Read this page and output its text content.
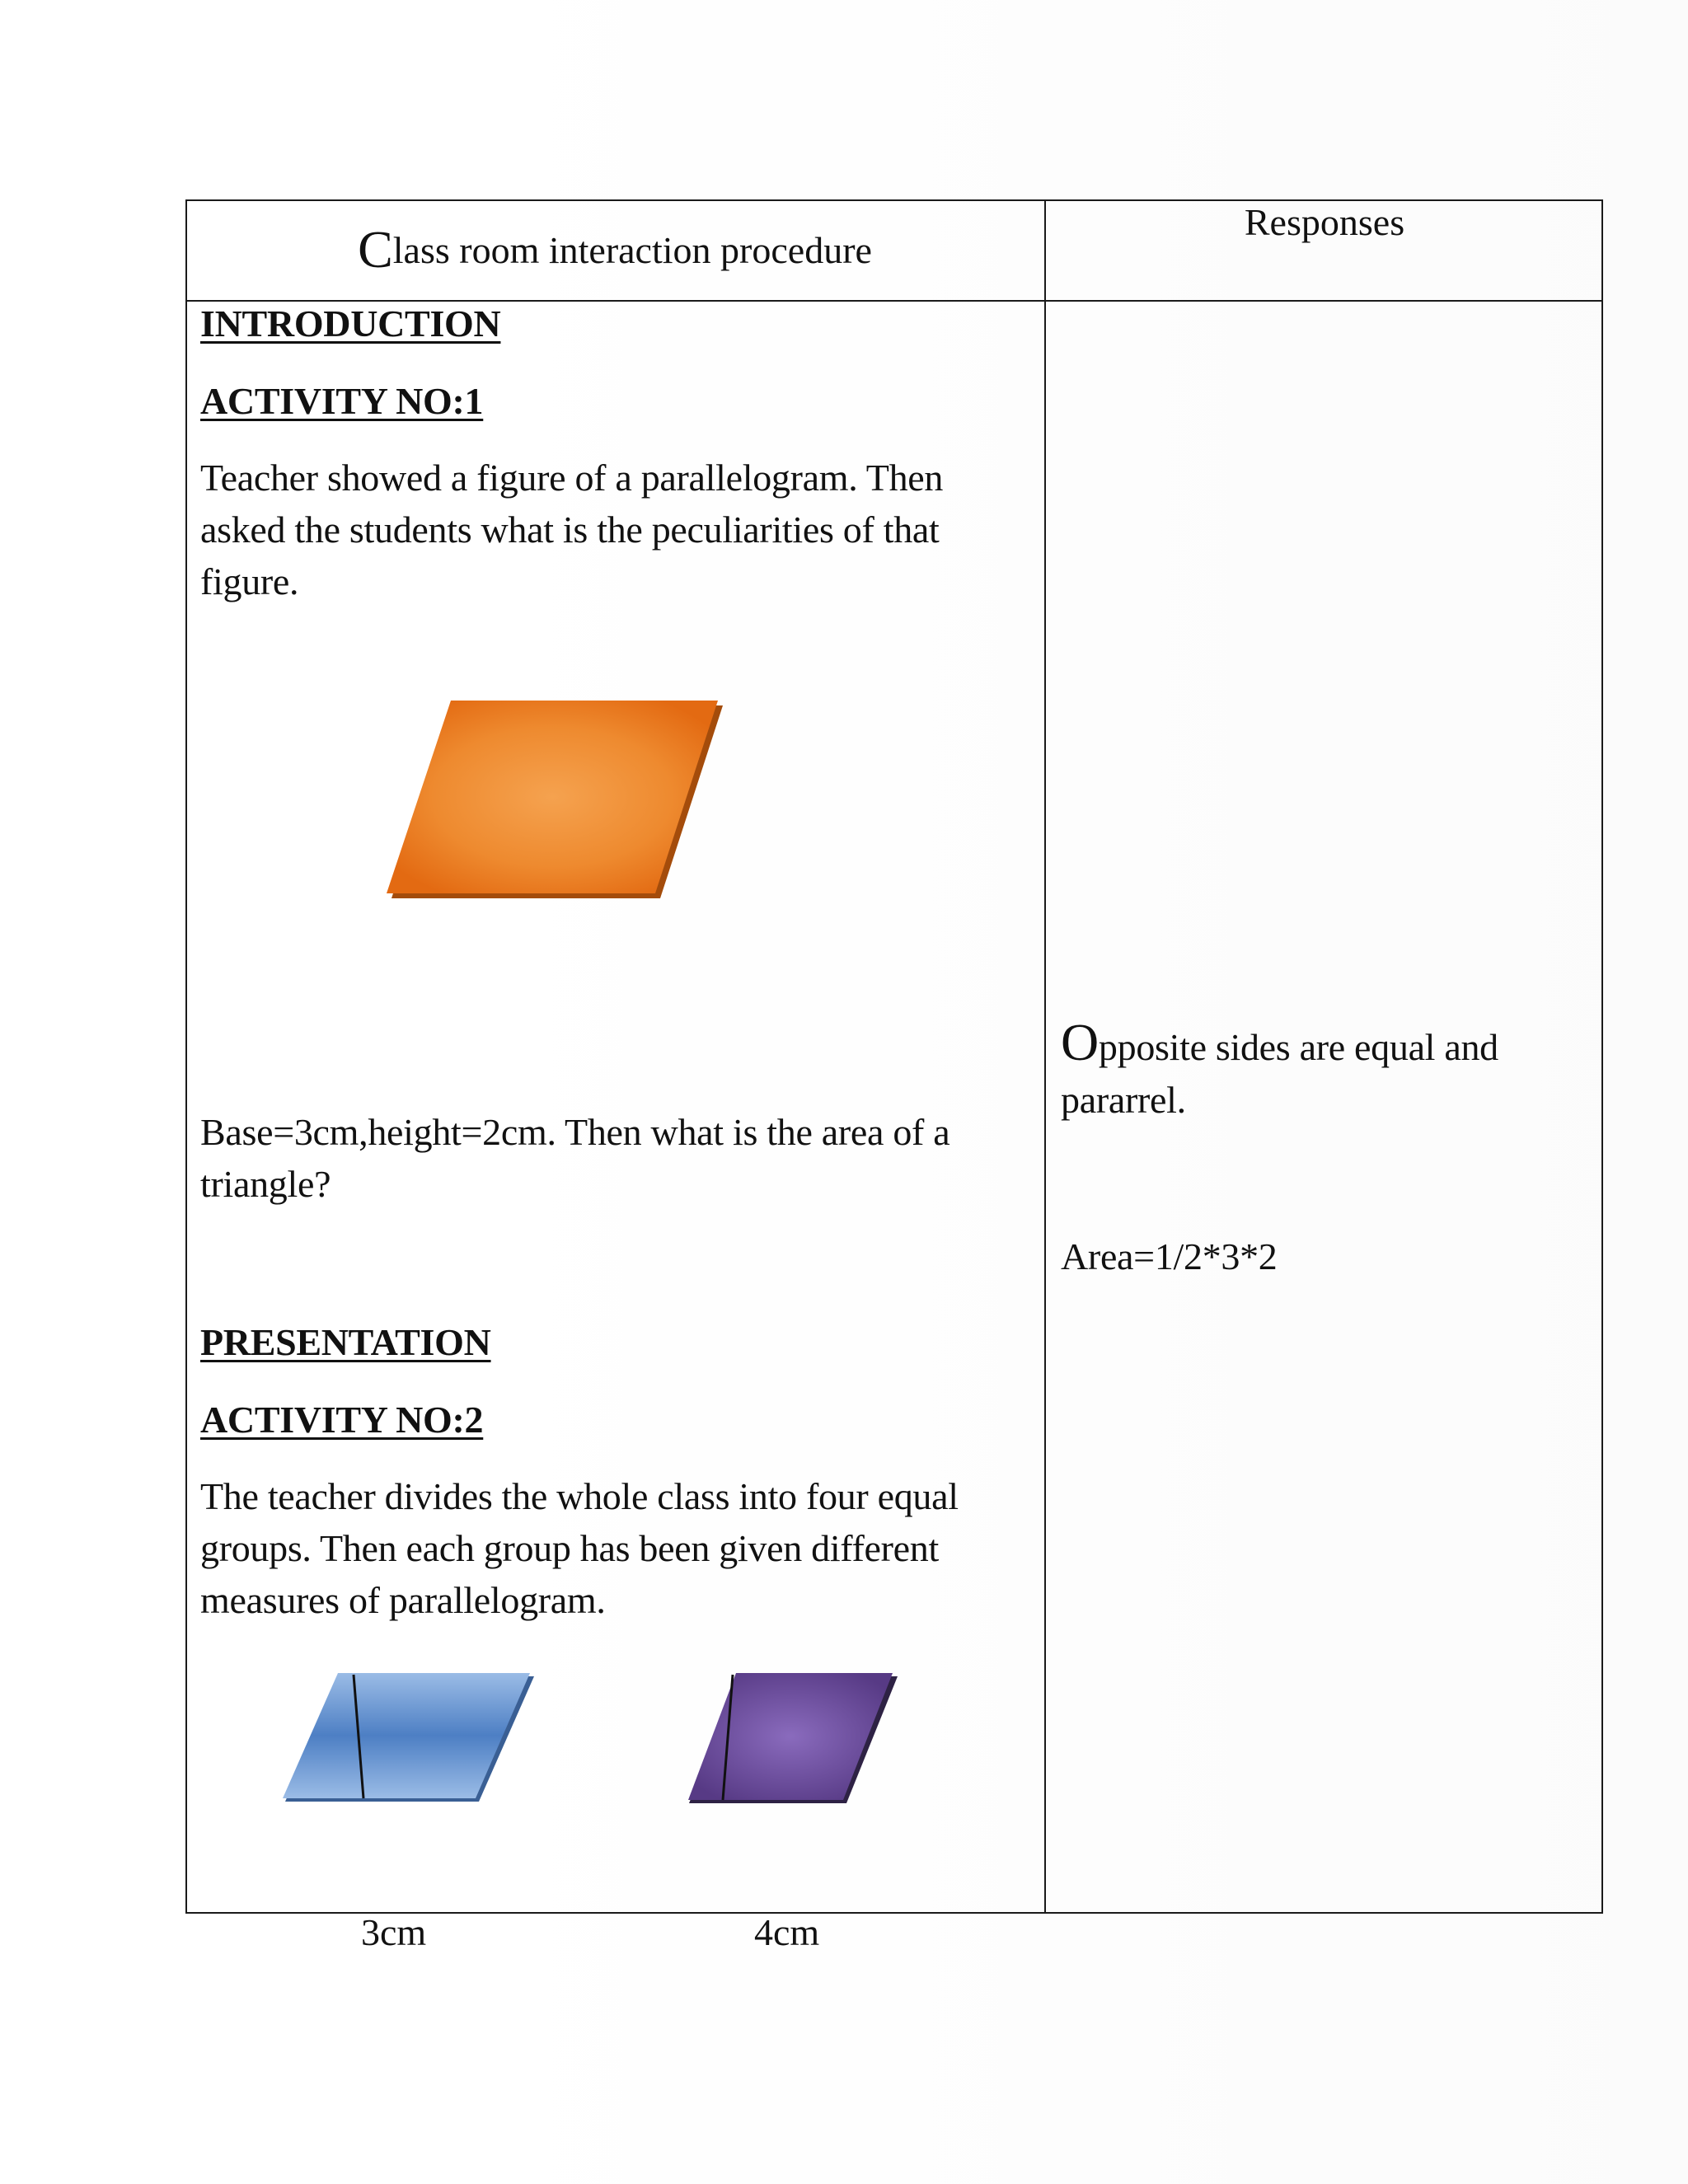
C lass room interaction procedure
Responses
INTRODUCTION
ACTIVITY NO:1
Teacher showed a figure of a parallelogram. Then asked the students what is the peculiarities of that figure.
Base=3cm,height=2cm. Then what is the area of a triangle?
PRESENTATION
ACTIVITY NO:2
The teacher divides the whole class into four equal groups. Then each group has been given different measures of parallelogram.
3cm	4cm
Opposite sides are equal and
pararrel.
Area=1/2*3*2
